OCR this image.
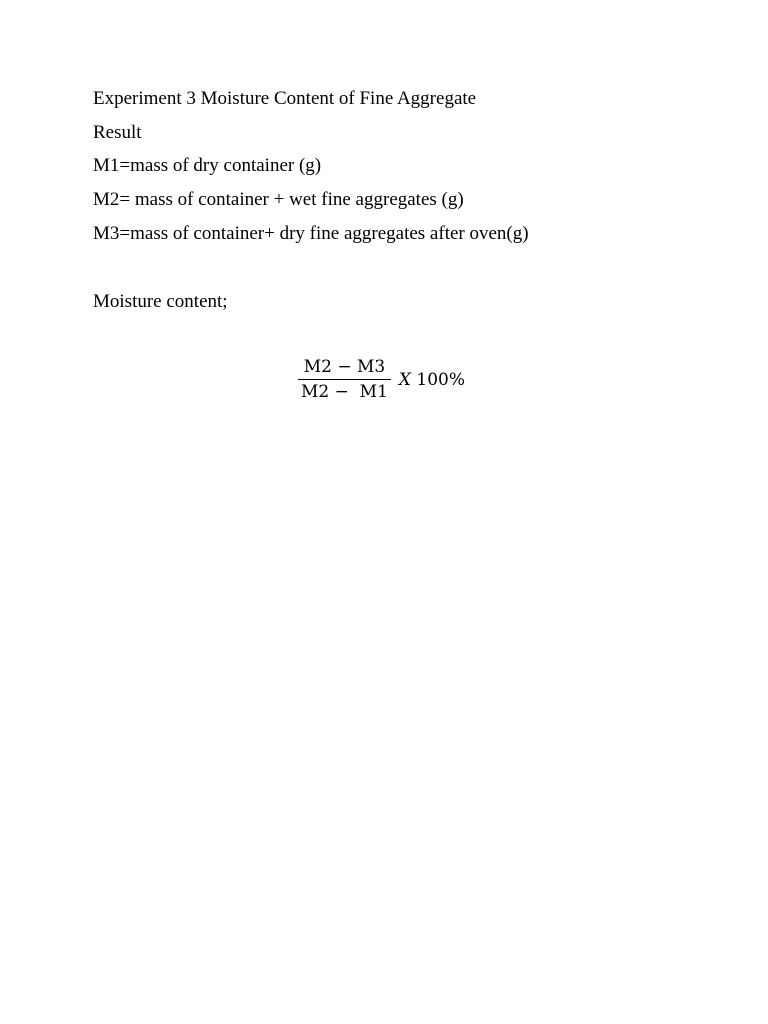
Experiment 3 Moisture Content of Fine Aggregate
Result
M1=mass of dry container (g)
M2= mass of container + wet fine aggregates (g)
M3=mass of container+ dry fine aggregates after oven(g)
Moisture content;
$\frac{M2 - M3}{M2 - M1}$ X 100%
